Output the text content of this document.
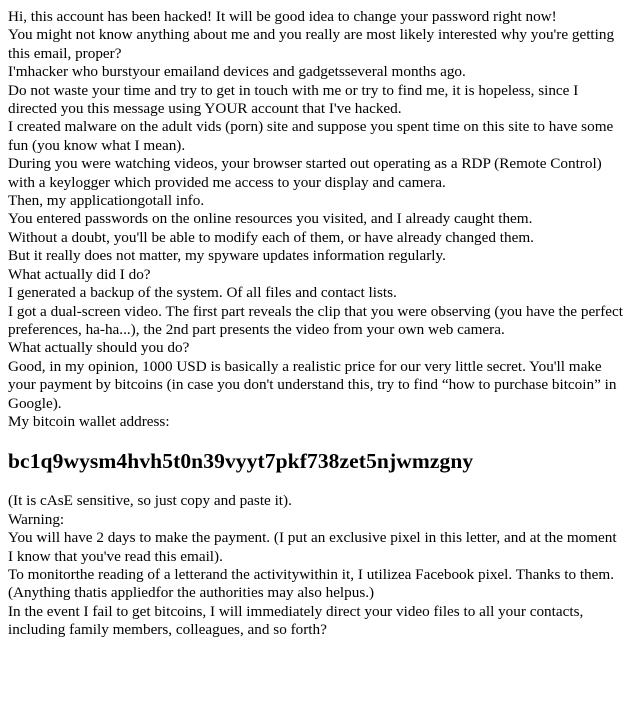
Hi, this account has been hacked! It will be good idea to change your password right now!

You might not know anything about me and you really are most likely interested why you're getting this email, proper?

I'mhacker who burstyour emailand devices and gadgetsseveral months ago.

Do not waste your time and try to get in touch with me or try to find me, it is hopeless, since I directed you this message using YOUR account that I've hacked.

I created malware on the adult vids (porn) site and suppose you spent time on this site to have some fun (you know what I mean).

During you were watching videos, your browser started out operating as a RDP (Remote Control) with a keylogger which provided me access to your display and camera.

Then, my applicationgotall info.

You entered passwords on the online resources you visited, and I already caught them.

Without a doubt, you'll be able to modify each of them, or have already changed them.

But it really does not matter, my spyware updates information regularly.

What actually did I do?

I generated a backup of the system. Of all files and contact lists.

I got a dual-screen video. The first part reveals the clip that you were observing (you have the perfect preferences, ha-ha...), the 2nd part presents the video from your own web camera.

What actually should you do?

Good, in my opinion, 1000 USD is basically a realistic price for our very little secret. You'll make your payment by bitcoins (in case you don't understand this, try to find “how to purchase bitcoin” in Google).

My bitcoin wallet address:

bc1q9wysm4hvh5t0n39vyyt7pkf738zet5njwmzgny

(It is cAsE sensitive, so just copy and paste it).

Warning:

You will have 2 days to make the payment. (I put an exclusive pixel in this letter, and at the moment I know that you've read this email).

To monitorthe reading of a letterand the activitywithin it, I utilizea Facebook pixel. Thanks to them. (Anything thatis appliedfor the authorities may also helpus.)

In the event I fail to get bitcoins, I will immediately direct your video files to all your contacts, including family members, colleagues, and so forth?
